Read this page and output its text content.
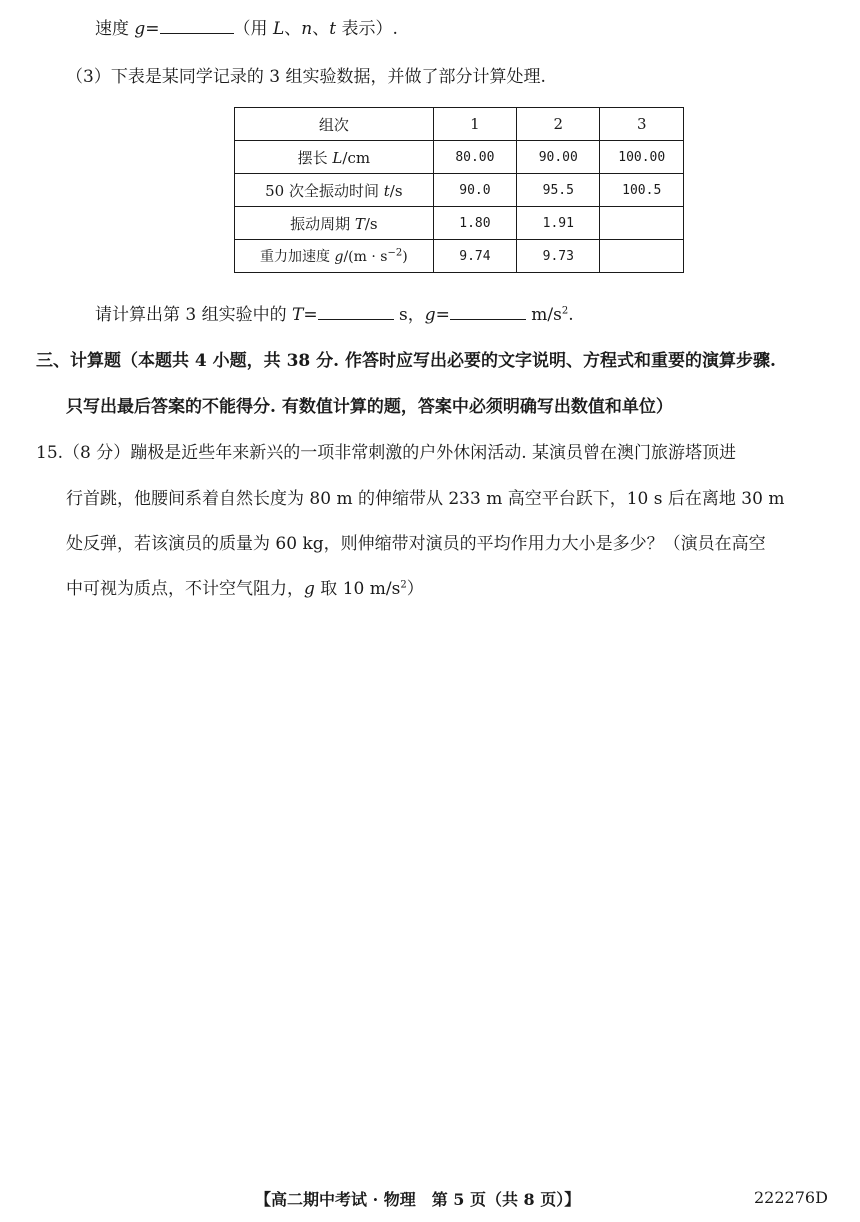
速度 g=	（用 L、n、t 表示）.
（3）下表是某同学记录的 3 组实验数据，并做了部分计算处理.
组次	1	2	3
摆长 L/cm	80.00	90.00	100.00
50 次全振动时间 t/s	90.0	95.5	100.5
振动周期 T/s	1.80	1.91	
重力加速度 $g/(m \cdot s^{-2})$	9.74	9.73	
请计算出第 3 组实验中的 T=	s，g=	$m/s^2$.
三、计算题（本题共 4 小题，共 38 分. 作答时应写出必要的文字说明、方程式和重要的演算步骤.
只写出最后答案的不能得分. 有数值计算的题，答案中必须明确写出数值和单位）
15.（8 分）蹦极是近些年来新兴的一项非常刺激的户外休闲活动. 某演员曾在澳门旅游塔顶进
行首跳，他腰间系着自然长度为 80 m 的伸缩带从 233 m 高空平台跃下，10 s 后在离地 30 m
处反弹，若该演员的质量为 60 kg，则伸缩带对演员的平均作用力大小是多少？（演员在高空
中可视为质点，不计空气阻力，g 取 10 $m/s^2$）
【高二期中考试 · 物理　第 5 页（共 8 页）】	222276D
